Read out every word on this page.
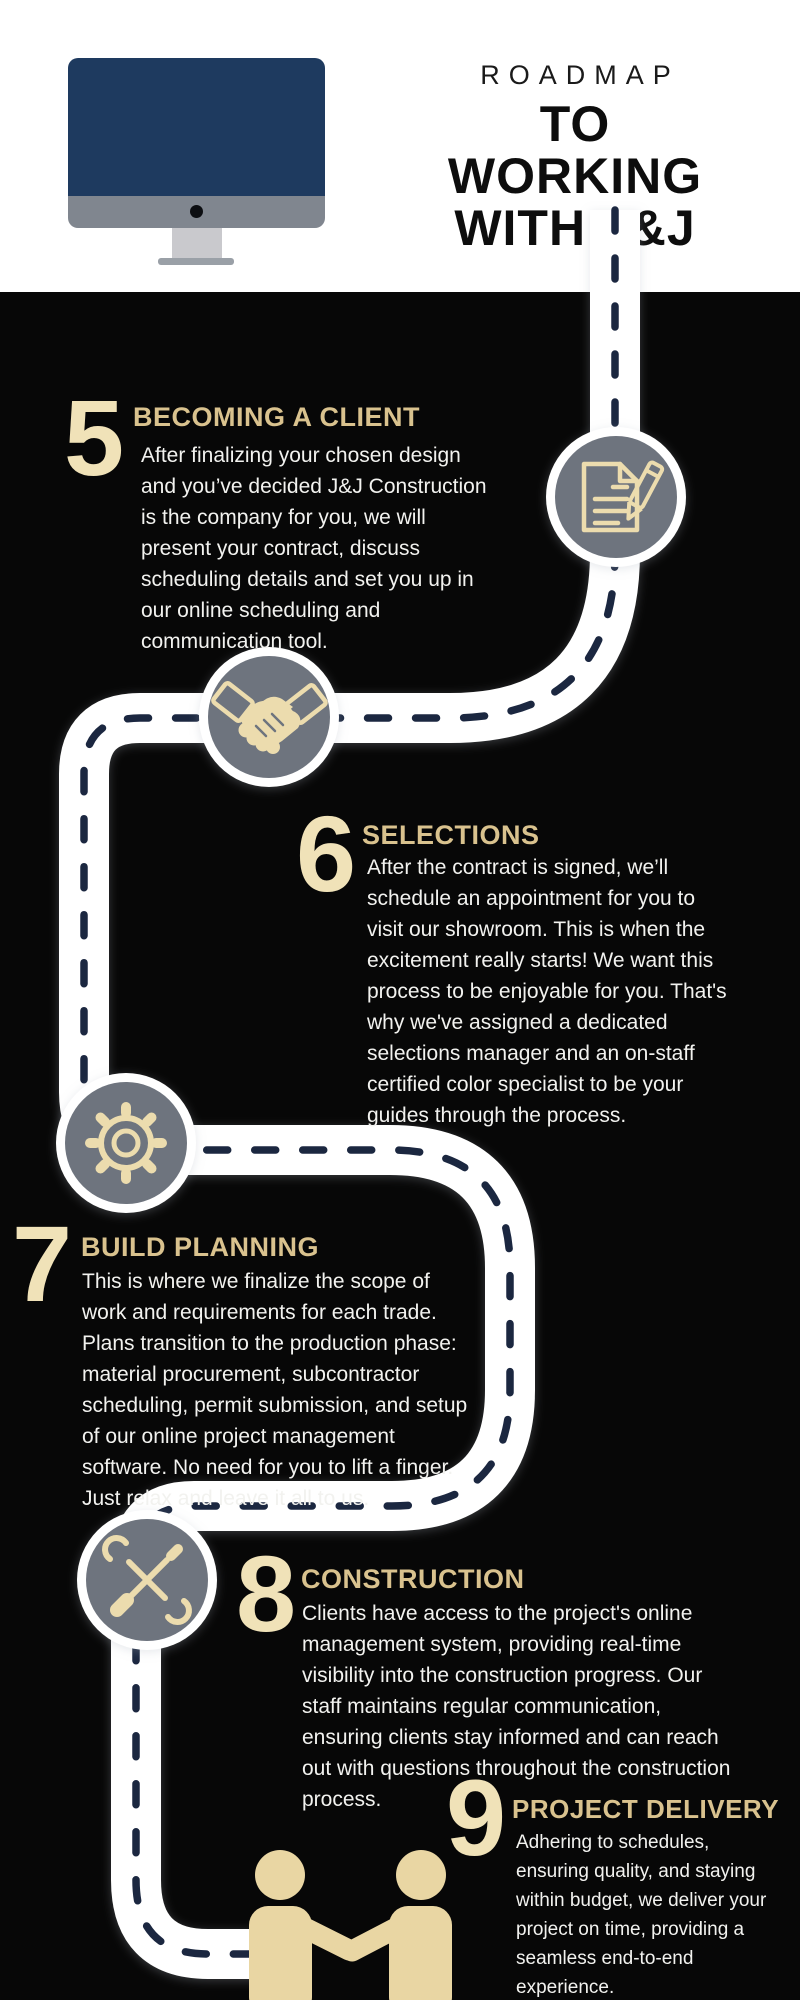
ROADMAP
TO
WORKING
WITH J&J
5 BECOMING A CLIENT
After finalizing your chosen design
and you’ve decided J&J Construction
is the company for you, we will
present your contract, discuss
scheduling details and set you up in
our online scheduling and
communication tool.
6 SELECTIONS
After the contract is signed, we’ll
schedule an appointment for you to
visit our showroom. This is when the
excitement really starts! We want this
process to be enjoyable for you. That's
why we've assigned a dedicated
selections manager and an on-staff
certified color specialist to be your
guides through the process.
7 BUILD PLANNING
This is where we finalize the scope of
work and requirements for each trade.
Plans transition to the production phase:
material procurement, subcontractor
scheduling, permit submission, and setup
of our online project management
software. No need for you to lift a finger.
Just relax and leave it all to us.
8 CONSTRUCTION
Clients have access to the project's online
management system, providing real-time
visibility into the construction progress. Our
staff maintains regular communication,
ensuring clients stay informed and can reach
out with questions throughout the construction
process. 9 PROJECT DELIVERY
Adhering to schedules,
ensuring quality, and staying
within budget, we deliver your
project on time, providing a
seamless end-to-end
experience.
